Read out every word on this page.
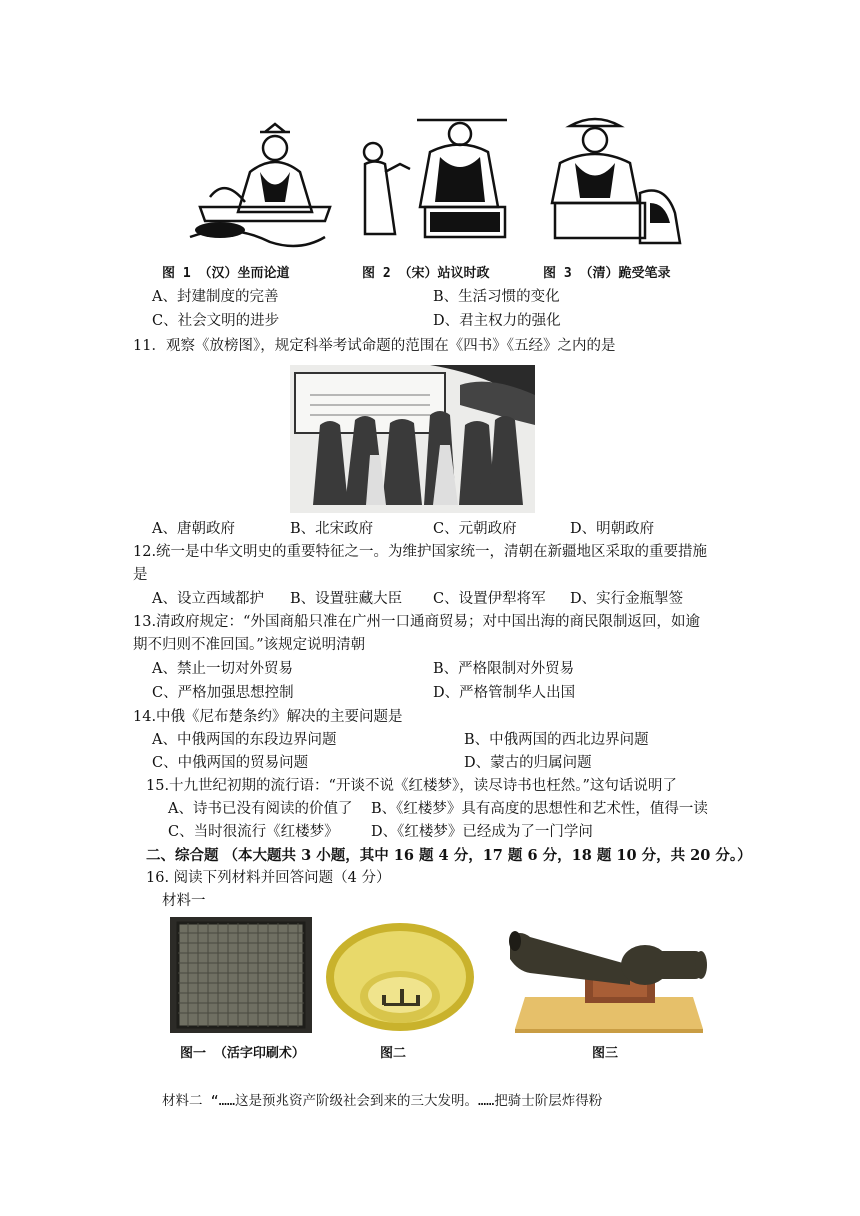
图 1 （汉）坐而论道	图 2 （宋）站议时政	图 3 （清）跪受笔录
A、封建制度的完善	B、生活习惯的变化
C、社会文明的进步	D、君主权力的强化
11．观察《放榜图》，规定科举考试命题的范围在《四书》《五经》之内的是
A、唐朝政府	B、北宋政府	C、元朝政府	D、明朝政府
12.统一是中华文明史的重要特征之一。为维护国家统一，清朝在新疆地区采取的重要措施
是
A、设立西域都护 B、设置驻藏大臣 C、设置伊犁将军 D、实行金瓶掣签
13.清政府规定：“外国商船只准在广州一口通商贸易；对中国出海的商民限制返回，如逾
期不归则不准回国。”该规定说明清朝
A、禁止一切对外贸易	B、严格限制对外贸易
C、严格加强思想控制	D、严格管制华人出国
14.中俄《尼布楚条约》解决的主要问题是
A、中俄两国的东段边界问题	B、中俄两国的西北边界问题
C、中俄两国的贸易问题	D、蒙古的归属问题
15.十九世纪初期的流行语：“开谈不说《红楼梦》，读尽诗书也枉然。”这句话说明了
A、诗书已没有阅读的价值了 B、《红楼梦》具有高度的思想性和艺术性，值得一读
C、当时很流行《红楼梦》 D、《红楼梦》已经成为了一门学问
二、综合题 （本大题共 3 小题，其中 16 题 4 分，17 题 6 分，18 题 10 分，共 20 分。）
16. 阅读下列材料并回答问题（4 分）
材料一
图一 （活字印刷术）	图二	图三
材料二 “……这是预兆资产阶级社会到来的三大发明。……把骑士阶层炸得粉
